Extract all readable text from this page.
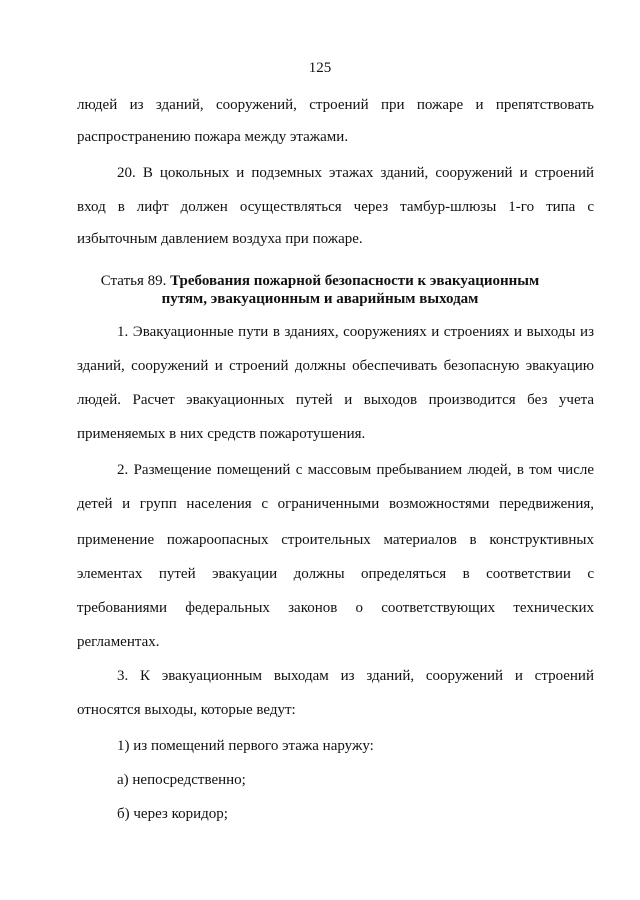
125

людей из зданий, сооружений, строений при пожаре и препятствовать

распространению пожара между этажами.

20. В цокольных и подземных этажах зданий, сооружений и строений

вход в лифт должен осуществляться через тамбур-шлюзы 1-го типа с

избыточным давлением воздуха при пожаре.

Статья 89. Требования пожарной безопасности к эвакуационным
путям, эвакуационным и аварийным выходам

1. Эвакуационные пути в зданиях, сооружениях и строениях и выходы из

зданий, сооружений и строений должны обеспечивать безопасную эвакуацию

людей. Расчет эвакуационных путей и выходов производится без учета

применяемых в них средств пожаротушения.

2. Размещение помещений с массовым пребыванием людей, в том числе

детей и групп населения с ограниченными возможностями передвижения,

применение пожароопасных строительных материалов в конструктивных

элементах путей эвакуации должны определяться в соответствии с

требованиями федеральных законов о соответствующих технических

регламентах.

3. К эвакуационным выходам из зданий, сооружений и строений

относятся выходы, которые ведут:

1) из помещений первого этажа наружу:

а) непосредственно;

б) через коридор;
